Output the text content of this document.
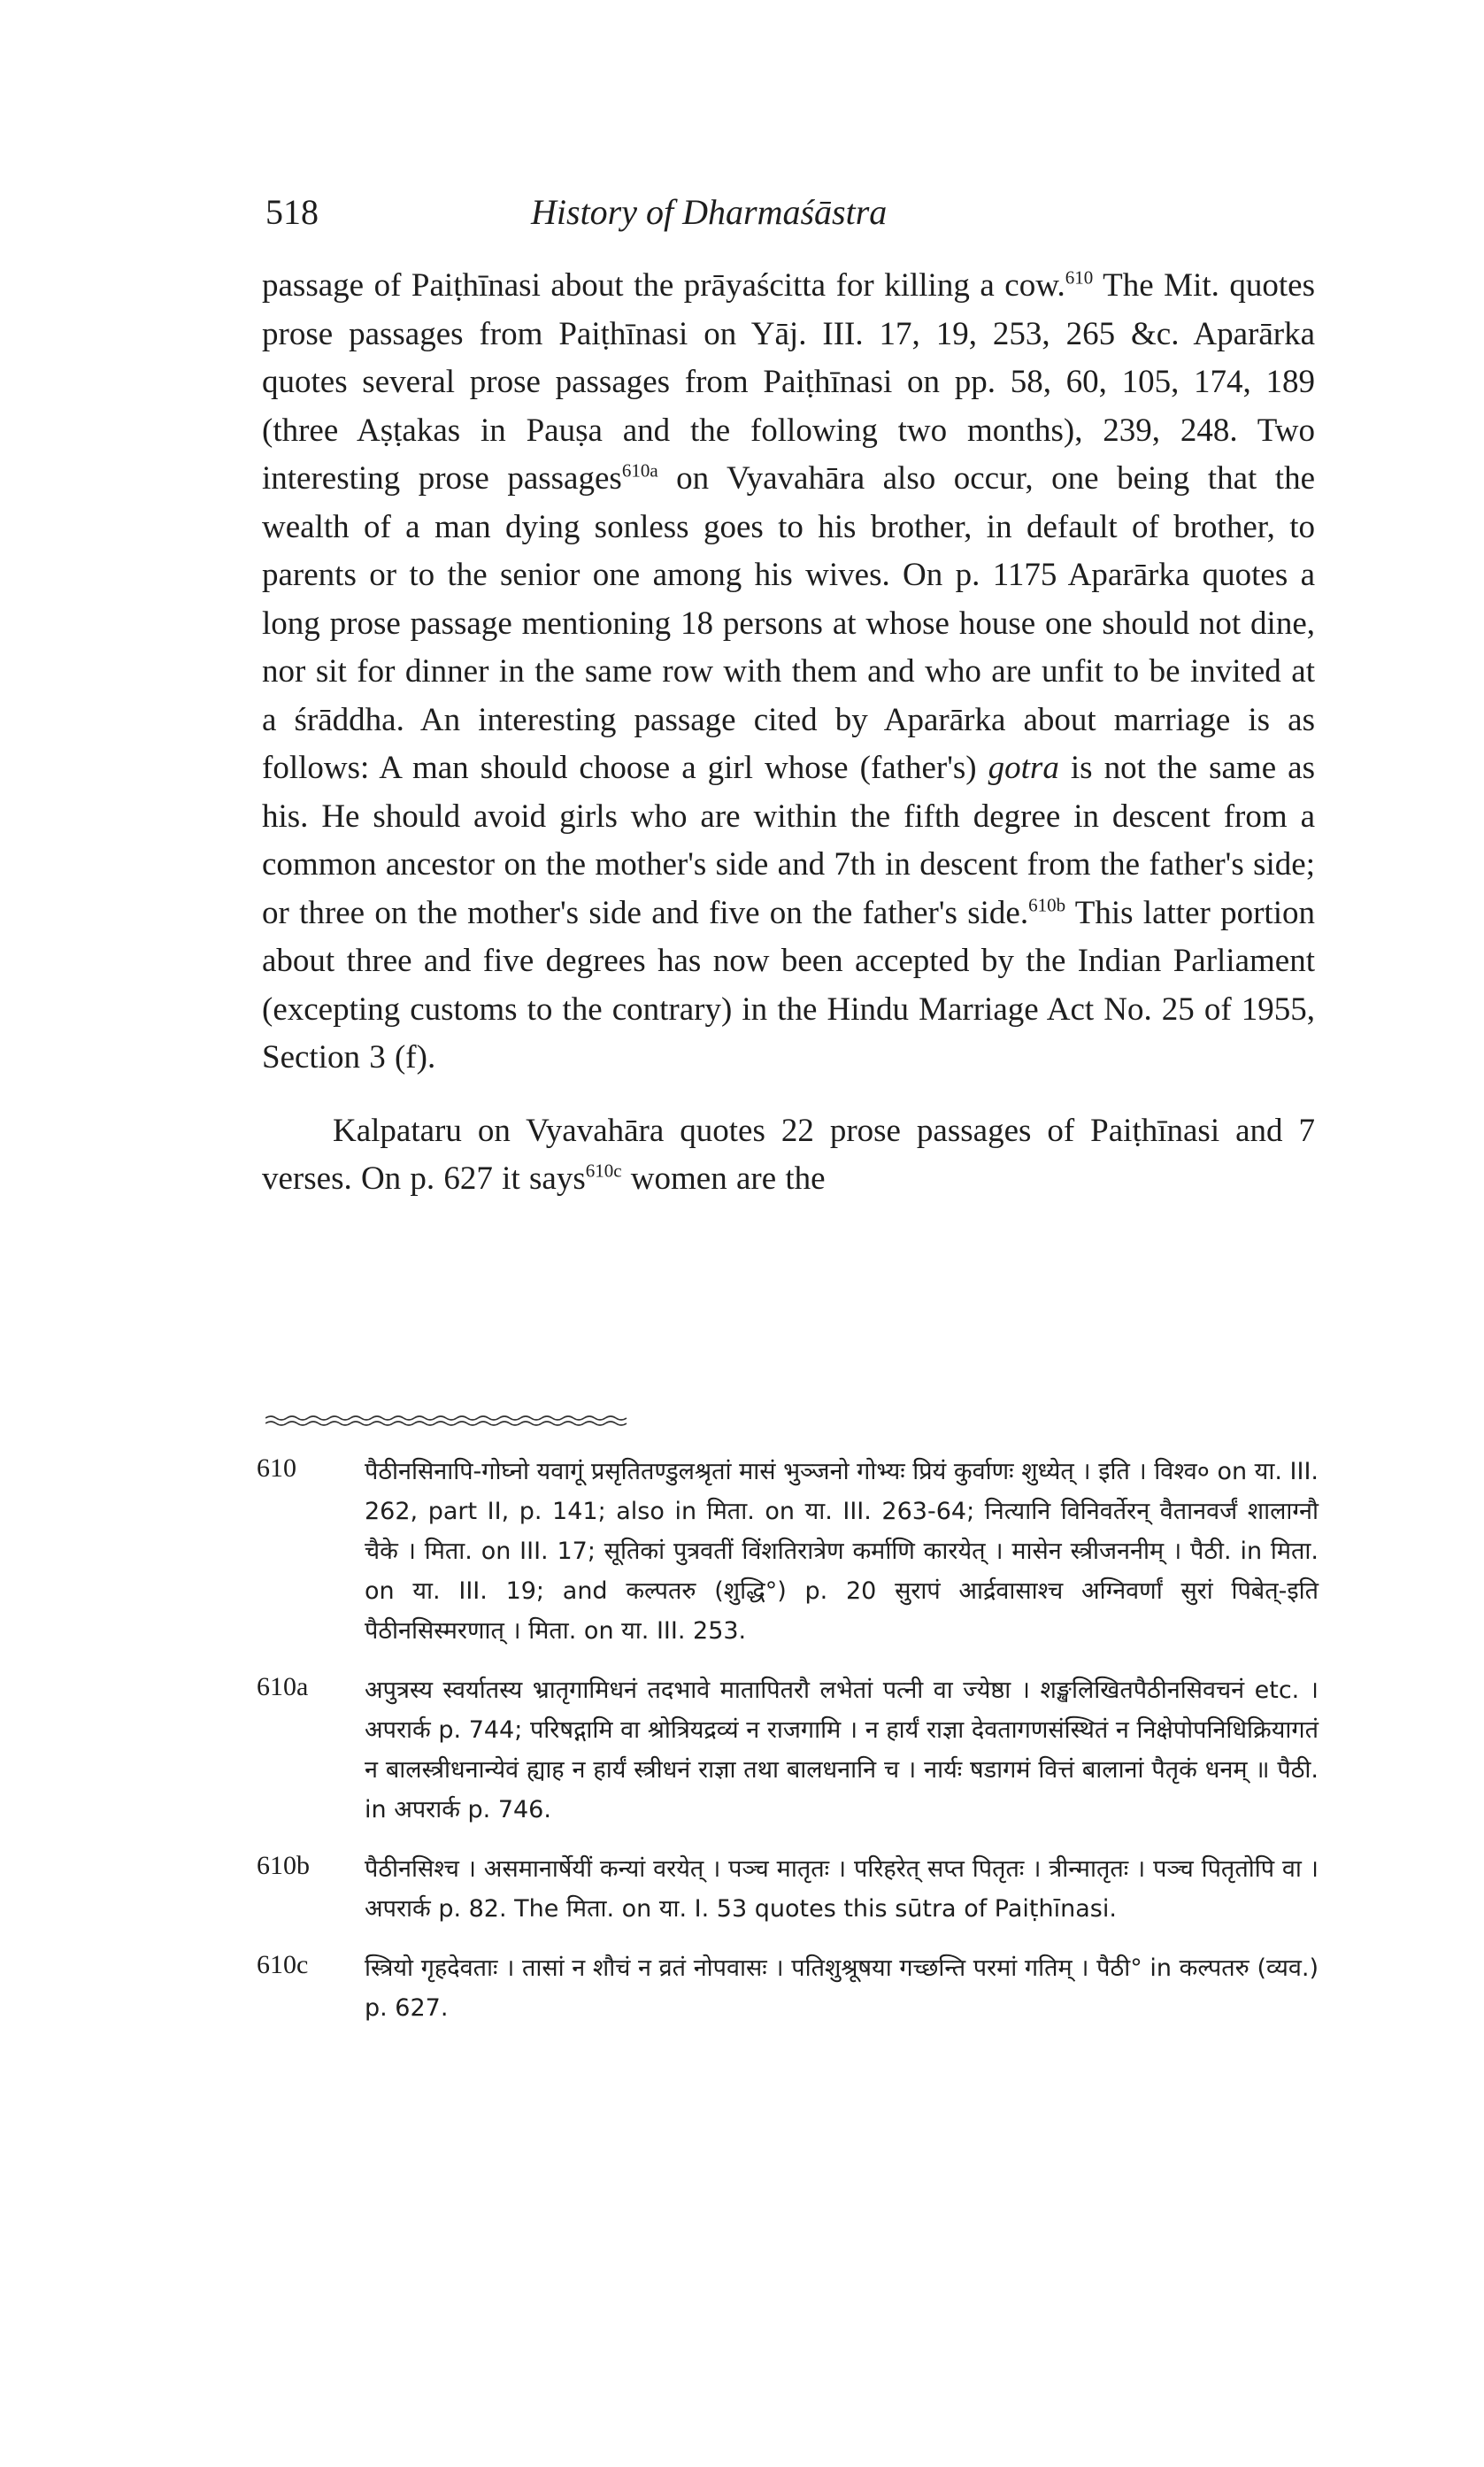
518	History of Dharmaśāstra

passage of Paiṭhīnasi about the prāyaścitta for killing a cow.$^{610}$ The Mit. quotes prose passages from Paiṭhīnasi on Yāj. III. 17, 19, 253, 265 &c. Aparārka quotes several prose passages from Paiṭhīnasi on pp. 58, 60, 105, 174, 189 (three Aṣṭakas in Pauṣa and the following two months), 239, 248. Two interesting prose passages$^{610a}$ on Vyavahāra also occur, one being that the wealth of a man dying sonless goes to his brother, in default of brother, to parents or to the senior one among his wives. On p. 1175 Aparārka quotes a long prose passage mentioning 18 persons at whose house one should not dine, nor sit for dinner in the same row with them and who are unfit to be invited at a śrāddha. An interesting passage cited by Aparārka about marriage is as follows: A man should choose a girl whose (father's) gotra is not the same as his. He should avoid girls who are within the fifth degree in descent from a common ancestor on the mother's side and 7th in descent from the father's side; or three on the mother's side and five on the father's side.$^{610b}$ This latter portion about three and five degrees has now been accepted by the Indian Parliament (excepting customs to the contrary) in the Hindu Marriage Act No. 25 of 1955, Section 3 (f).

Kalpataru on Vyavahāra quotes 22 prose passages of Paiṭhīnasi and 7 verses. On p. 627 it says$^{610c}$ women are the

610	पैठीनसिनापि-गोघ्नो यवागूं प्रसृतितण्डुलश्रृतां मासं भुञ्जनो गोभ्यः प्रियं कुर्वाणः शुध्येत् । इति । विश्व० on या. III. 262, part II, p. 141; also in मिता. on या. III. 263-64; नित्यानि विनिवर्तेरन् वैतानवर्जं शालाग्नौ चैके । मिता. on III. 17; सूतिकां पुत्रवतीं विंशतिरात्रेण कर्माणि कारयेत् । मासेन स्त्रीजननीम् । पैठी. in मिता. on या. III. 19; and कल्पतरु (शुद्धि°) p. 20 सुरापं आर्द्रवासाश्च अग्निवर्णां सुरां पिबेत्-इति पैठीनसिस्मरणात् । मिता. on या. III. 253.

610a	अपुत्रस्य स्वर्यातस्य भ्रातृगामिधनं तदभावे मातापितरौ लभेतां पत्नी वा ज्येष्ठा । शङ्खलिखितपैठीनसिवचनं etc. । अपरार्क p. 744; परिषद्गामि वा श्रोत्रियद्रव्यं न राजगामि । न हार्यं राज्ञा देवतागणसंस्थितं न निक्षेपोपनिधिक्रियागतं न बालस्त्रीधनान्येवं ह्याह न हार्यं स्त्रीधनं राज्ञा तथा बालधनानि च । नार्यः षडागमं वित्तं बालानां पैतृकं धनम् ॥ पैठी. in अपरार्क p. 746.

610b	पैठीनसिश्च । असमानार्षेयीं कन्यां वरयेत् । पञ्च मातृतः । परिहरेत् सप्त पितृतः । त्रीन्मातृतः । पञ्च पितृतोपि वा । अपरार्क p. 82. The मिता. on या. I. 53 quotes this sūtra of Paiṭhīnasi.

610c	स्त्रियो गृहदेवताः । तासां न शौचं न व्रतं नोपवासः । पतिशुश्रूषया गच्छन्ति परमां गतिम् । पैठी° in कल्पतरु (व्यव.) p. 627.
